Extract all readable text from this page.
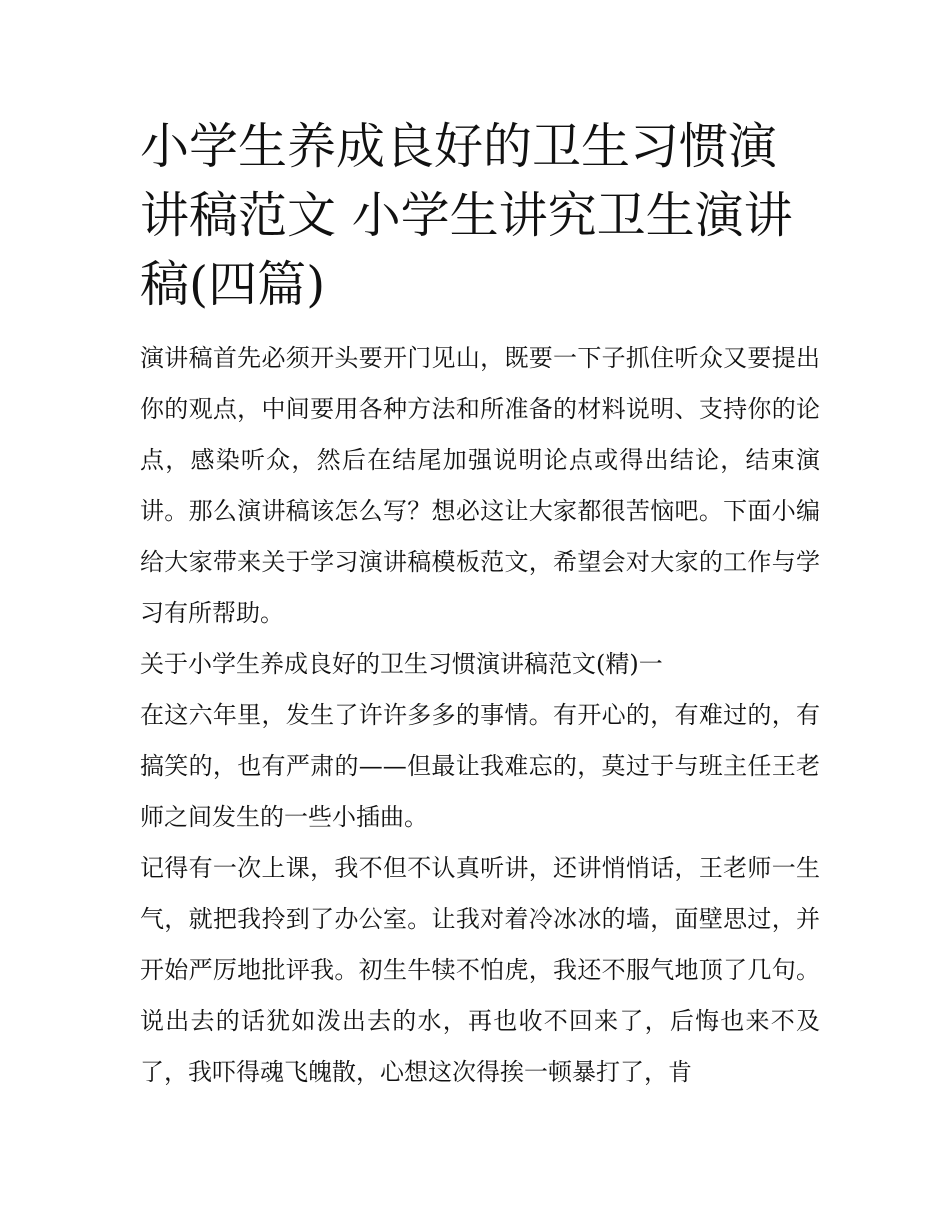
小学生养成良好的卫生习惯演讲稿范文 小学生讲究卫生演讲稿(四篇)

演讲稿首先必须开头要开门见山，既要一下子抓住听众又要提出你的观点，中间要用各种方法和所准备的材料说明、支持你的论点，感染听众，然后在结尾加强说明论点或得出结论，结束演讲。那么演讲稿该怎么写？想必这让大家都很苦恼吧。下面小编给大家带来关于学习演讲稿模板范文，希望会对大家的工作与学习有所帮助。

关于小学生养成良好的卫生习惯演讲稿范文(精)一

在这六年里，发生了许许多多的事情。有开心的，有难过的，有搞笑的，也有严肃的——但最让我难忘的，莫过于与班主任王老师之间发生的一些小插曲。

记得有一次上课，我不但不认真听讲，还讲悄悄话，王老师一生气，就把我拎到了办公室。让我对着冷冰冰的墙，面壁思过，并开始严厉地批评我。初生牛犊不怕虎，我还不服气地顶了几句。说出去的话犹如泼出去的水，再也收不回来了，后悔也来不及了，我吓得魂飞魄散，心想这次得挨一顿暴打了，肯
